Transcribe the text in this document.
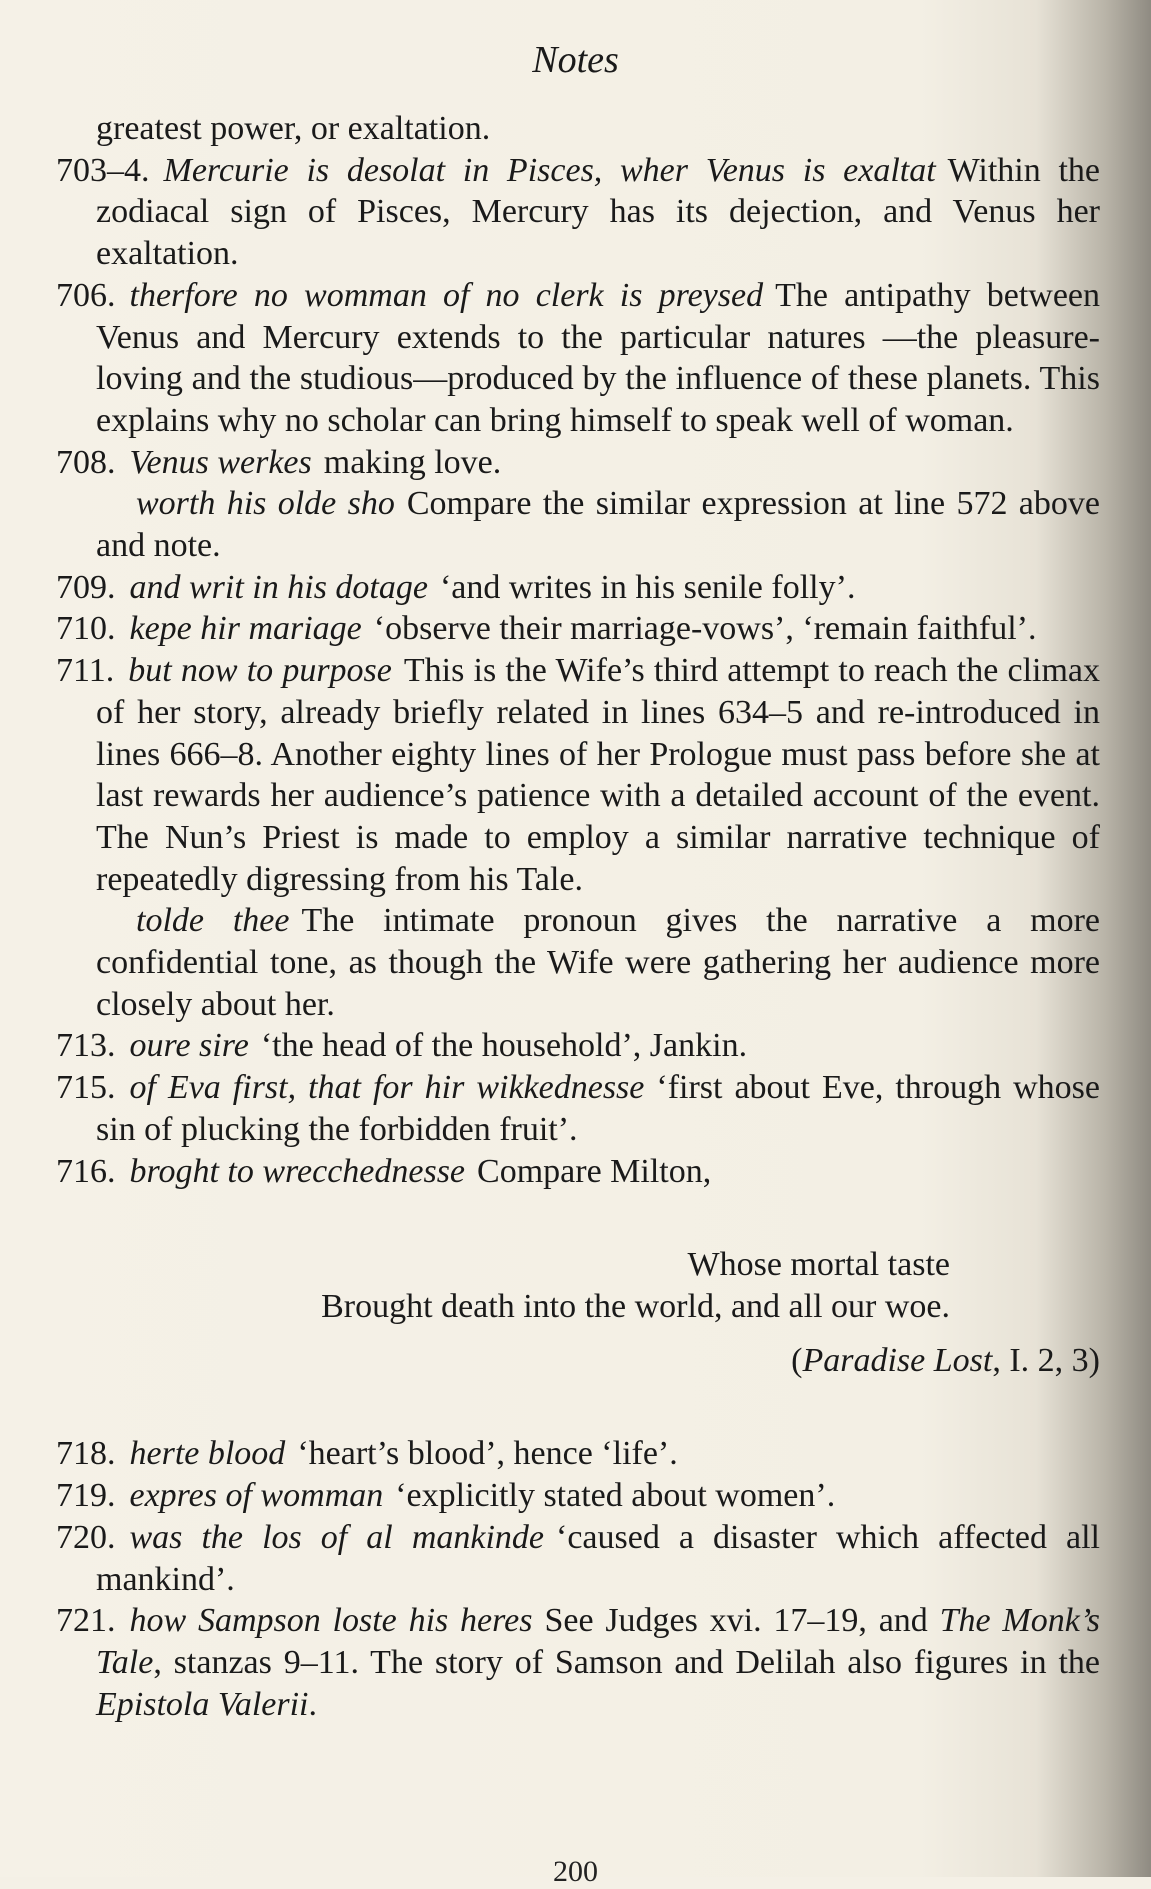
Notes
greatest power, or exaltation.
703–4. Mercurie is desolat in Pisces, wher Venus is exaltat Within the zodiacal sign of Pisces, Mercury has its dejection, and Venus her exaltation.
706. therfore no womman of no clerk is preysed The antipathy between Venus and Mercury extends to the particular natures —the pleasure-loving and the studious—produced by the influence of these planets. This explains why no scholar can bring himself to speak well of woman.
708. Venus werkes making love.
worth his olde sho Compare the similar expression at line 572 above and note.
709. and writ in his dotage ‘and writes in his senile folly’.
710. kepe hir mariage ‘observe their marriage-vows’, ‘remain faithful’.
711. but now to purpose This is the Wife’s third attempt to reach the climax of her story, already briefly related in lines 634–5 and re-introduced in lines 666–8. Another eighty lines of her Prologue must pass before she at last rewards her audience’s patience with a detailed account of the event. The Nun’s Priest is made to employ a similar narrative technique of repeatedly digressing from his Tale.
tolde thee The intimate pronoun gives the narrative a more confidential tone, as though the Wife were gathering her audience more closely about her.
713. oure sire ‘the head of the household’, Jankin.
715. of Eva first, that for hir wikkednesse ‘first about Eve, through whose sin of plucking the forbidden fruit’.
716. broght to wrecchednesse Compare Milton,
Whose mortal taste
Brought death into the world, and all our woe.
(Paradise Lost, I. 2, 3)
718. herte blood ‘heart’s blood’, hence ‘life’.
719. expres of womman ‘explicitly stated about women’.
720. was the los of al mankinde ‘caused a disaster which affected all mankind’.
721. how Sampson loste his heres See Judges xvi. 17–19, and The Monk’s Tale, stanzas 9–11. The story of Samson and Delilah also figures in the Epistola Valerii.
200
